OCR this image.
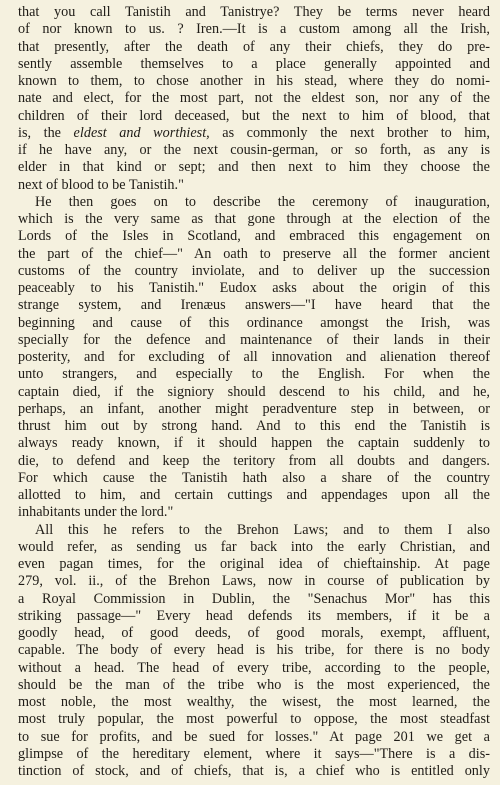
that you call Tanistih and Tanistrye? They be terms never heard
of nor known to us. ? Iren.—It is a custom among all the Irish,
that presently, after the death of any their chiefs, they do pre-
sently assemble themselves to a place generally appointed and
known to them, to chose another in his stead, where they do nomi-
nate and elect, for the most part, not the eldest son, nor any of the
children of their lord deceased, but the next to him of blood, that
is, the eldest and worthiest, as commonly the next brother to him,
if he have any, or the next cousin-german, or so forth, as any is
elder in that kind or sept; and then next to him they choose the
next of blood to be Tanistih."
He then goes on to describe the ceremony of inauguration,
which is the very same as that gone through at the election of the
Lords of the Isles in Scotland, and embraced this engagement on
the part of the chief—" An oath to preserve all the former ancient
customs of the country inviolate, and to deliver up the succession
peaceably to his Tanistih." Eudox asks about the origin of this
strange system, and Irenæus answers—"I have heard that the
beginning and cause of this ordinance amongst the Irish, was
specially for the defence and maintenance of their lands in their
posterity, and for excluding of all innovation and alienation thereof
unto strangers, and especially to the English. For when the
captain died, if the signiory should descend to his child, and he,
perhaps, an infant, another might peradventure step in between, or
thrust him out by strong hand. And to this end the Tanistih is
always ready known, if it should happen the captain suddenly to
die, to defend and keep the teritory from all doubts and dangers.
For which cause the Tanistih hath also a share of the country
allotted to him, and certain cuttings and appendages upon all the
inhabitants under the lord."
All this he refers to the Brehon Laws; and to them I also
would refer, as sending us far back into the early Christian, and
even pagan times, for the original idea of chieftainship. At page
279, vol. ii., of the Brehon Laws, now in course of publication by
a Royal Commission in Dublin, the "Senachus Mor" has this
striking passage—" Every head defends its members, if it be a
goodly head, of good deeds, of good morals, exempt, affluent,
capable. The body of every head is his tribe, for there is no body
without a head. The head of every tribe, according to the people,
should be the man of the tribe who is the most experienced, the
most noble, the most wealthy, the wisest, the most learned, the
most truly popular, the most powerful to oppose, the most steadfast
to sue for profits, and be sued for losses." At page 201 we get a
glimpse of the hereditary element, where it says—"There is a dis-
tinction of stock, and of chiefs, that is, a chief who is entitled only
